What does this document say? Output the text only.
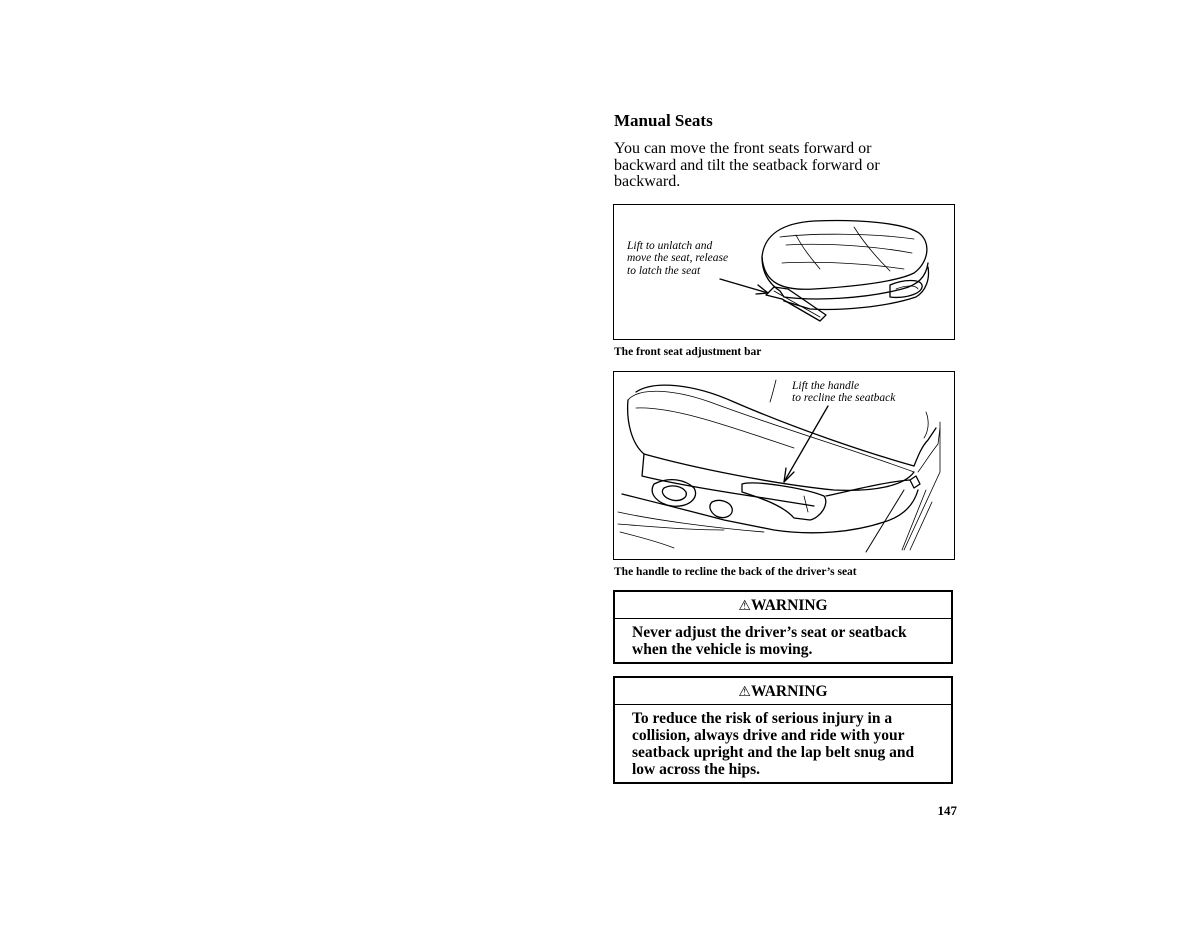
Manual Seats
You can move the front seats forward or backward and tilt the seatback forward or backward.
Lift to unlatch and
move the seat, release
to latch the seat
The front seat adjustment bar
Lift the handle
to recline the seatback
The handle to recline the back of the driver’s seat
⚠WARNING
Never adjust the driver’s seat or seatback when the vehicle is moving.
⚠WARNING
To reduce the risk of serious injury in a collision, always drive and ride with your seatback upright and the lap belt snug and low across the hips.
147
